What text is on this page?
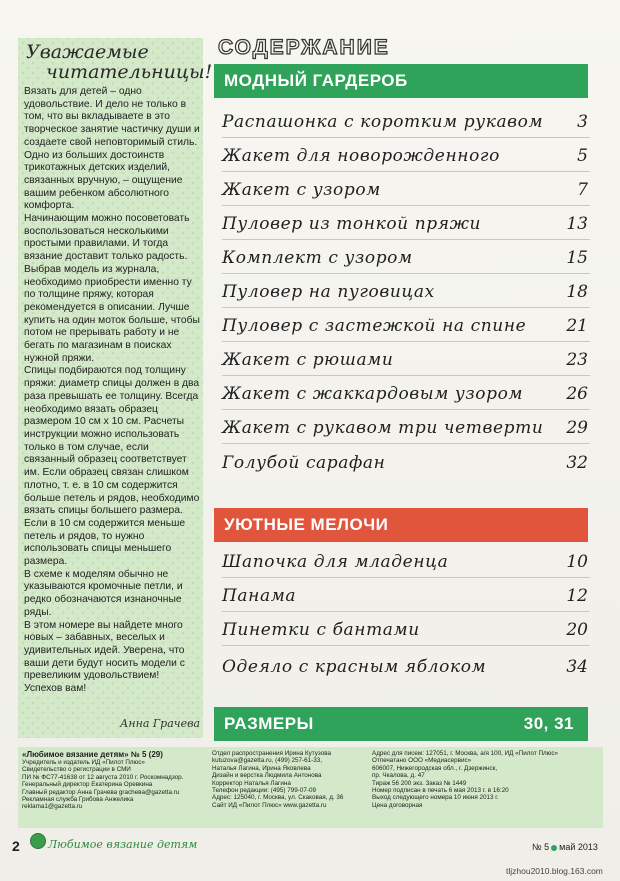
Уважаемые
читательницы!

Вязать для детей – одно удовольствие. И дело не только в том, что вы вкладываете в это творческое занятие частичку души и создаете свой неповторимый стиль. Одно из больших достоинств трикотажных детских изделий, связанных вручную, – ощущение вашим ребенком абсолютного комфорта.

Начинающим можно посоветовать воспользоваться несколькими простыми правилами. И тогда вязание доставит только радость. Выбрав модель из журнала, необходимо приобрести именно ту по толщине пряжу, которая рекомендуется в описании. Лучше купить на один моток больше, чтобы потом не прерывать работу и не бегать по магазинам в поисках нужной пряжи.

Спицы подбираются под толщину пряжи: диаметр спицы должен в два раза превышать ее толщину. Всегда необходимо вязать образец размером 10 см х 10 см. Расчеты инструкции можно использовать только в том случае, если связанный образец соответствует им. Если образец связан слишком плотно, т. е. в 10 см содержится больше петель и рядов, необходимо вязать спицы большего размера. Если в 10 см содержится меньше петель и рядов, то нужно использовать спицы меньшего размера.

В схеме к моделям обычно не указываются кромочные петли, и редко обозначаются изнаночные ряды.

В этом номере вы найдете много новых – забавных, веселых и удивительных идей. Уверена, что ваши дети будут носить модели с превеликим удовольствием!

Успехов вам!

Анна Грачева
СОДЕРЖАНИЕ
МОДНЫЙ ГАРДЕРОБ
Распашонка с коротким рукавом 3
Жакет для новорожденного	5
Жакет с узором	7
Пуловер из тонкой пряжи	13
Комплект с узором	15
Пуловер на пуговицах	18
Пуловер с застежкой на спине 21
Жакет с рюшами	23
Жакет с жаккардовым узором	26
Жакет с рукавом три четверти 29
Голубой сарафан	32
УЮТНЫЕ МЕЛОЧИ
Шапочка для младенца	10
Панама	12
Пинетки с бантами	20
Одеяло с красным яблоком	34
РАЗМЕРЫ	30, 31
«Любимое вязание детям» № 5 (29)
Учредитель и издатель ИД «Пилот Плюс»
Свидетельство о регистрации в СМИ
ПИ № ФС77-41638 от 12 августа 2010 г. Роскомнадзор.
Генеральный директор Екатерина Оревкина
Главный редактор Анна Грачева grachева@gazetta.ru
Рекламная служба Грибова Анжелика
reklama1@gazetta.ru
Отдел распространения Ирина Кутузова
kutuzova@gazetta.ru, (499) 257-61-33,
Наталья Лагина, Ирина Яковлева
Дизайн и верстка Людмила Антонова
Корректор Наталья Лагина
Телефон редакции: (495) 799-07-09
Адрес: 125040, г. Москва, ул. Скаковая, д. 36
Сайт ИД «Пилот Плюс» www.gazetta.ru
Адрес для писем: 127051, г. Москва, а/я 100, ИД «Пилот Плюс»
Отпечатано ООО «Медиасервис»
606007, Нижегородская обл., г. Дзержинск,
пр. Чкалова, д. 47
Тираж 56 200 экз. Заказ № 1449
Номер подписан в печать 6 мая 2013 г. в 16:20
Выход следующего номера 10 июня 2013 г.
Цена договорная
2	Любимое вязание детям	№ 5 май 2013
tljzhou2010.blog.163.com
